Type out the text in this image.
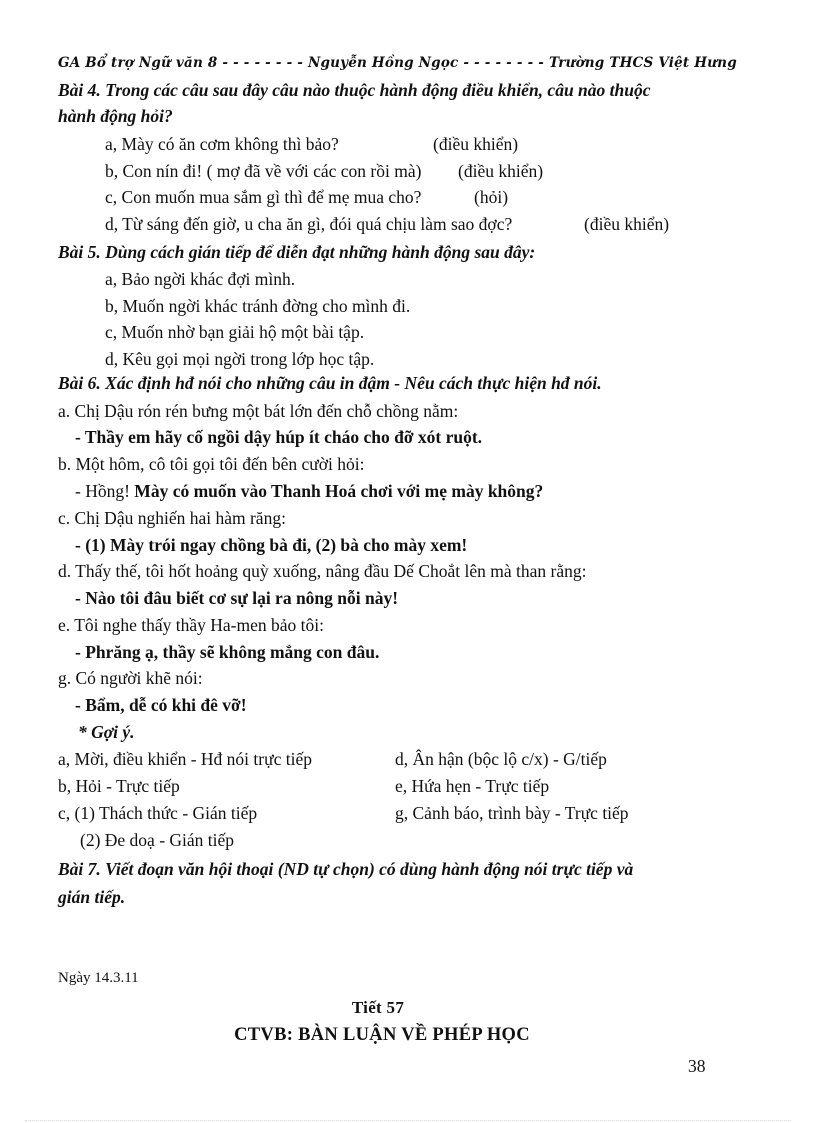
GA Bổ trợ Ngữ văn 8 - - - - - - - - Nguyễn Hồng Ngọc - - - - - - - - Trường THCS Việt Hưng
Bài 4. Trong các câu sau đây câu nào thuộc hành động điều khiển, câu nào thuộc
hành động hỏi?
a, Mày có ăn cơm không thì bảo?	(điều khiển)
b, Con nín đi! ( mợ đã về với các con rồi mà) (điều khiển)
c, Con muốn mua sắm gì thì để mẹ mua cho?	(hỏi)
d, Từ sáng đến giờ, u cha ăn gì, đói quá chịu làm sao đợc?	(điều khiển)
Bài 5. Dùng cách gián tiếp để diễn đạt những hành động sau đây:
a, Bảo ngời khác đợi mình.
b, Muốn ngời khác tránh đờng cho mình đi.
c, Muốn nhờ bạn giải hộ một bài tập.
d, Kêu gọi mọi ngời trong lớp học tập.
Bài 6. Xác định hđ nói cho những câu in đậm - Nêu cách thực hiện hđ nói.
a. Chị Dậu rón rén bưng một bát lớn đến chỗ chồng nằm:
- Thầy em hãy cố ngồi dậy húp ít cháo cho đỡ xót ruột.
b. Một hôm, cô tôi gọi tôi đến bên cười hỏi:
- Hồng! Mày có muốn vào Thanh Hoá chơi với mẹ mày không?
c. Chị Dậu nghiến hai hàm răng:
- (1) Mày trói ngay chồng bà đi, (2) bà cho mày xem!
d. Thấy thế, tôi hốt hoảng quỳ xuống, nâng đầu Dế Choắt lên mà than rằng:
- Nào tôi đâu biết cơ sự lại ra nông nỗi này!
e. Tôi nghe thấy thầy Ha-men bảo tôi:
- Phrăng ạ, thầy sẽ không mắng con đâu.
g. Có người khẽ nói:
- Bẩm, dễ có khi đê vỡ!
* Gợi ý.
a, Mời, điều khiển - Hđ nói trực tiếp	d, Ân hận (bộc lộ c/x) - G/tiếp
b, Hỏi - Trực tiếp	e, Hứa hẹn - Trực tiếp
c, (1) Thách thức - Gián tiếp	g, Cảnh báo, trình bày - Trực tiếp
(2) Đe doạ - Gián tiếp
Bài 7. Viết đoạn văn hội thoại (ND tự chọn) có dùng hành động nói trực tiếp và
gián tiếp.
Ngày 14.3.11
Tiết 57
CTVB: BÀN LUẬN VỀ PHÉP HỌC
38
